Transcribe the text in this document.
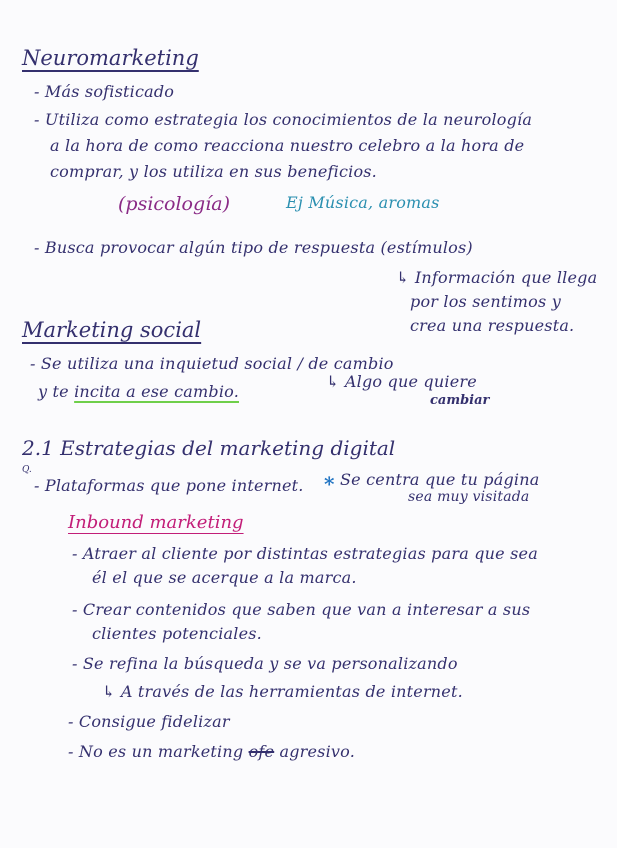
Neuromarketing
- Más sofisticado
- Utiliza como estrategia los conocimientos de la neurología
a la hora de como reacciona nuestro celebro a la hora de
comprar, y los utiliza en sus beneficios.
(psicología)	Ej Música, aromas
- Busca provocar algún tipo de respuesta (estímulos)
↳ Información que llega
por los sentimos y
crea una respuesta.
Marketing social
- Se utiliza una inquietud social / de cambio
y te incita a ese cambio.
↳ Algo que quiere
cambiar
2.1 Estrategias del marketing digital
Q.
- Plataformas que pone internet. * Se centra que tu página
sea muy visitada
Inbound marketing
- Atraer al cliente por distintas estrategias para que sea
él el que se acerque a la marca.
- Crear contenidos que saben que van a interesar a sus
clientes potenciales.
- Se refina la búsqueda y se va personalizando
↳ A través de las herramientas de internet.
- Consigue fidelizar
- No es un marketing ofe agresivo.
